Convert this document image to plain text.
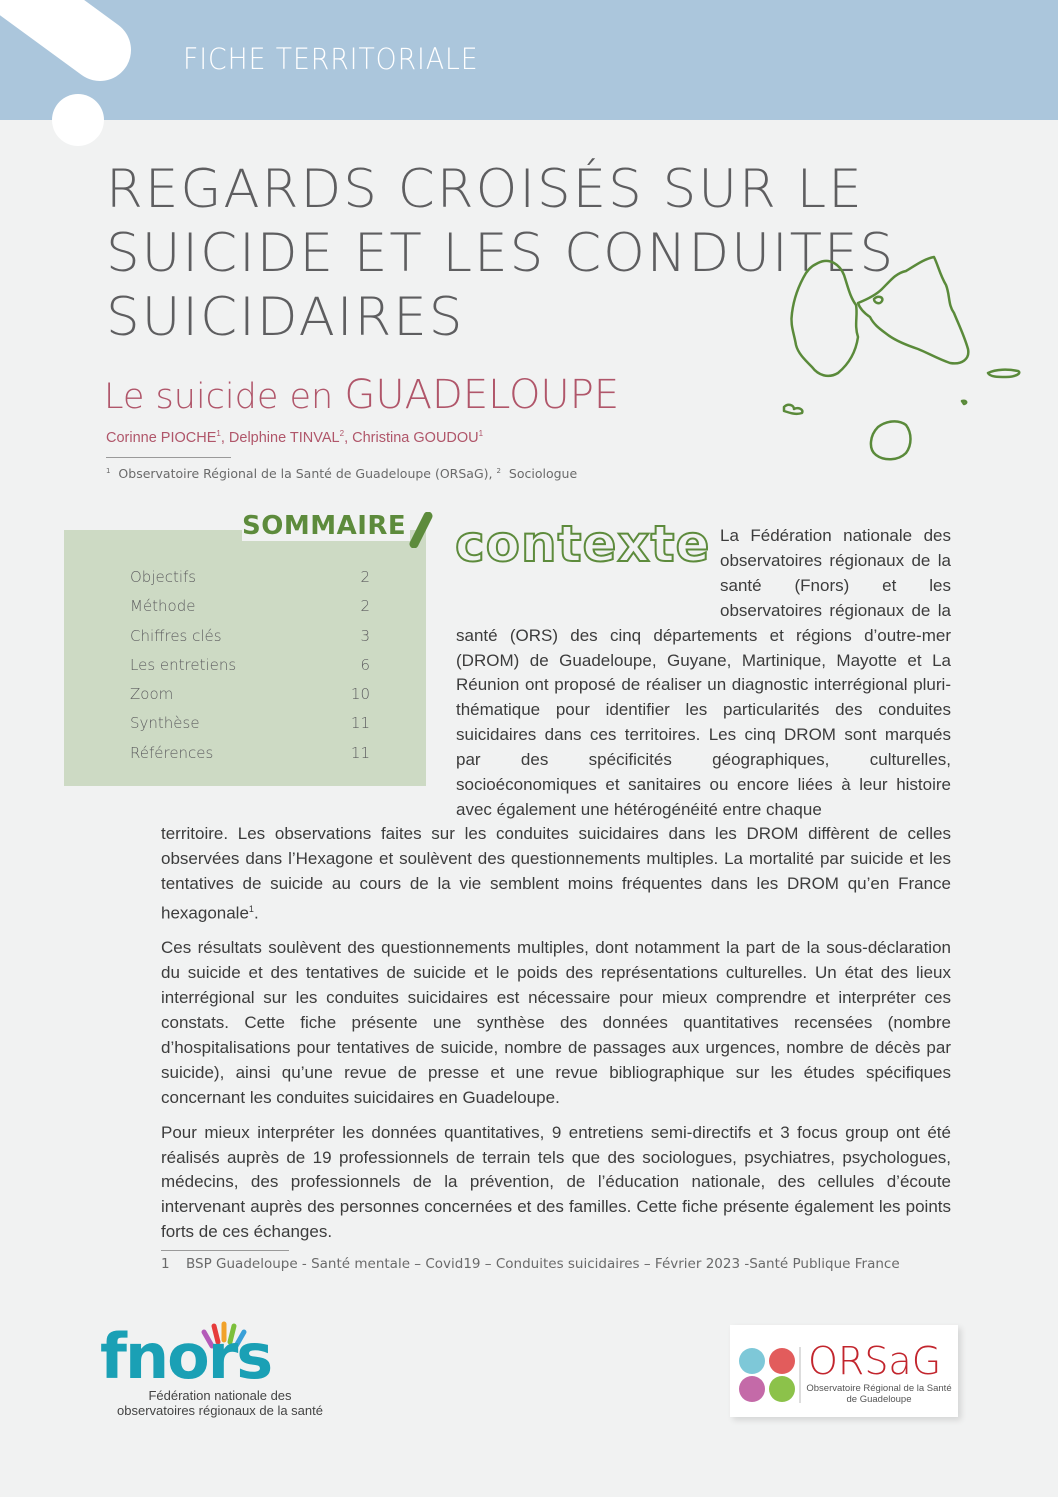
FICHE TERRITORIALE
REGARDS CROISÉS SUR LE
SUICIDE ET LES CONDUITES
SUICIDAIRES
Le suicide en GUADELOUPE
Corinne PIOCHE$^1$, Delphine TINVAL$^2$, Christina GOUDOU$^1$
$^1$ Observatoire Régional de la Santé de Guadeloupe (ORSaG), $^2$ Sociologue
SOMMAIRE
Objectifs	2
Méthode	2
Chiffres clés	3
Les entretiens	6
Zoom	10
Synthèse	11
Références	11
contexte La Fédération nationale des observatoires régionaux de la santé (Fnors) et les observatoires régionaux de la santé (ORS) des cinq départements et régions d’outre-mer (DROM) de Guadeloupe, Guyane, Martinique, Mayotte et La Réunion ont proposé de réaliser un diagnostic interrégional pluri-thématique pour identifier les particularités des conduites suicidaires dans ces territoires. Les cinq DROM sont marqués par des spécificités géographiques, culturelles, socioéconomiques et sanitaires ou encore liées à leur histoire avec également une hétérogénéité entre chaque

territoire. Les observations faites sur les conduites suicidaires dans les DROM diffèrent de celles observées dans l’Hexagone et soulèvent des questionnements multiples. La mortalité par suicide et les tentatives de suicide au cours de la vie semblent moins fréquentes dans les DROM qu’en France hexagonale$^1$.

Ces résultats soulèvent des questionnements multiples, dont notamment la part de la sous-déclaration du suicide et des tentatives de suicide et le poids des représentations culturelles. Un état des lieux interrégional sur les conduites suicidaires est nécessaire pour mieux comprendre et interpréter ces constats. Cette fiche présente une synthèse des données quantitatives recensées (nombre d’hospitalisations pour tentatives de suicide, nombre de passages aux urgences, nombre de décès par suicide), ainsi qu’une revue de presse et une revue bibliographique sur les études spécifiques concernant les conduites suicidaires en Guadeloupe.

Pour mieux interpréter les données quantitatives, 9 entretiens semi-directifs et 3 focus group ont été réalisés auprès de 19 professionnels de terrain tels que des sociologues, psychiatres, psychologues, médecins, des professionnels de la prévention, de l’éducation nationale, des cellules d’écoute intervenant auprès des personnes concernées et des familles. Cette fiche présente également les points forts de ces échanges.

1 BSP Guadeloupe - Santé mentale – Covid19 – Conduites suicidaires – Février 2023 -Santé Publique France
fnors
Fédération nationale des
observatoires régionaux de la santé
ORSaG
Observatoire Régional de la Santé
de Guadeloupe
